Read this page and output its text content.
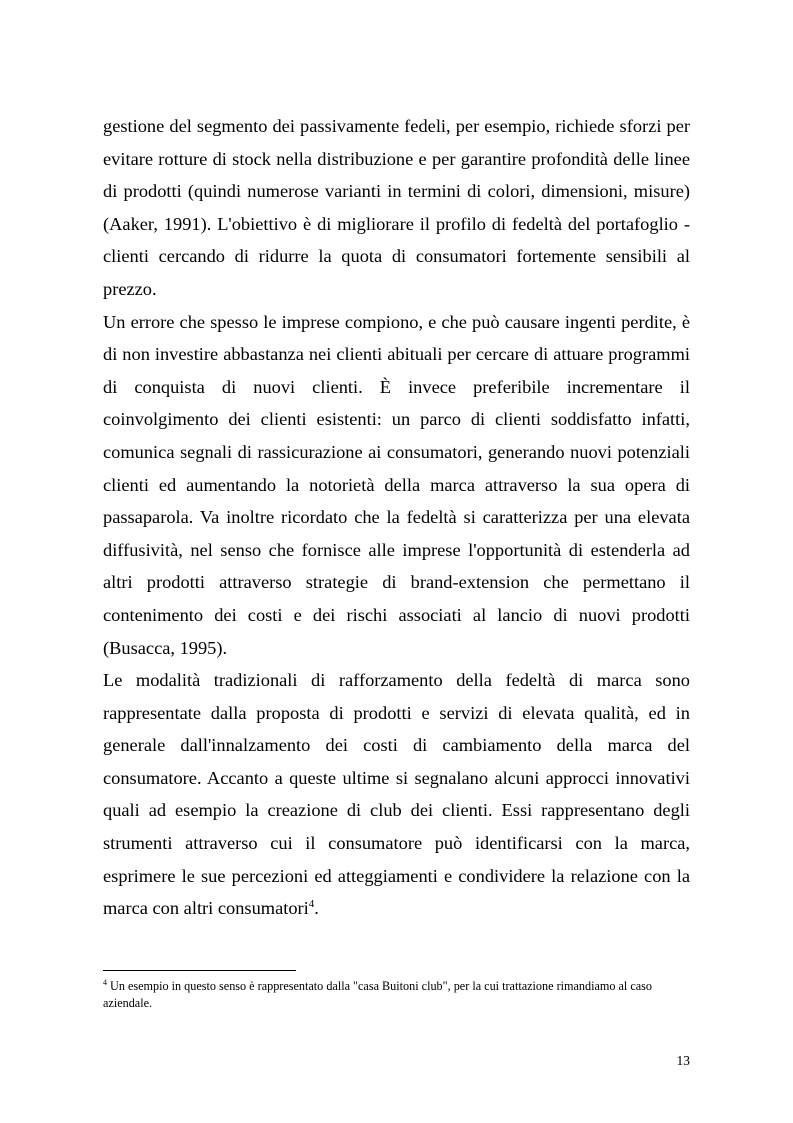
gestione del segmento dei passivamente fedeli, per esempio, richiede sforzi per evitare rotture di stock nella distribuzione e per garantire profondità delle linee di prodotti (quindi numerose varianti in termini di colori, dimensioni, misure) (Aaker, 1991). L'obiettivo è di migliorare il profilo di fedeltà del portafoglio - clienti cercando di ridurre la quota di consumatori fortemente sensibili al prezzo.

Un errore che spesso le imprese compiono, e che può causare ingenti perdite, è di non investire abbastanza nei clienti abituali per cercare di attuare programmi di conquista di nuovi clienti. È invece preferibile incrementare il coinvolgimento dei clienti esistenti: un parco di clienti soddisfatto infatti, comunica segnali di rassicurazione ai consumatori, generando nuovi potenziali clienti ed aumentando la notorietà della marca attraverso la sua opera di passaparola. Va inoltre ricordato che la fedeltà si caratterizza per una elevata diffusività, nel senso che fornisce alle imprese l'opportunità di estenderla ad altri prodotti attraverso strategie di brand-extension che permettano il contenimento dei costi e dei rischi associati al lancio di nuovi prodotti (Busacca, 1995).

Le modalità tradizionali di rafforzamento della fedeltà di marca sono rappresentate dalla proposta di prodotti e servizi di elevata qualità, ed in generale dall'innalzamento dei costi di cambiamento della marca del consumatore. Accanto a queste ultime si segnalano alcuni approcci innovativi quali ad esempio la creazione di club dei clienti. Essi rappresentano degli strumenti attraverso cui il consumatore può identificarsi con la marca, esprimere le sue percezioni ed atteggiamenti e condividere la relazione con la marca con altri consumatori$^4$.

$^4$ Un esempio in questo senso è rappresentato dalla "casa Buitoni club", per la cui trattazione rimandiamo al caso aziendale.
13
